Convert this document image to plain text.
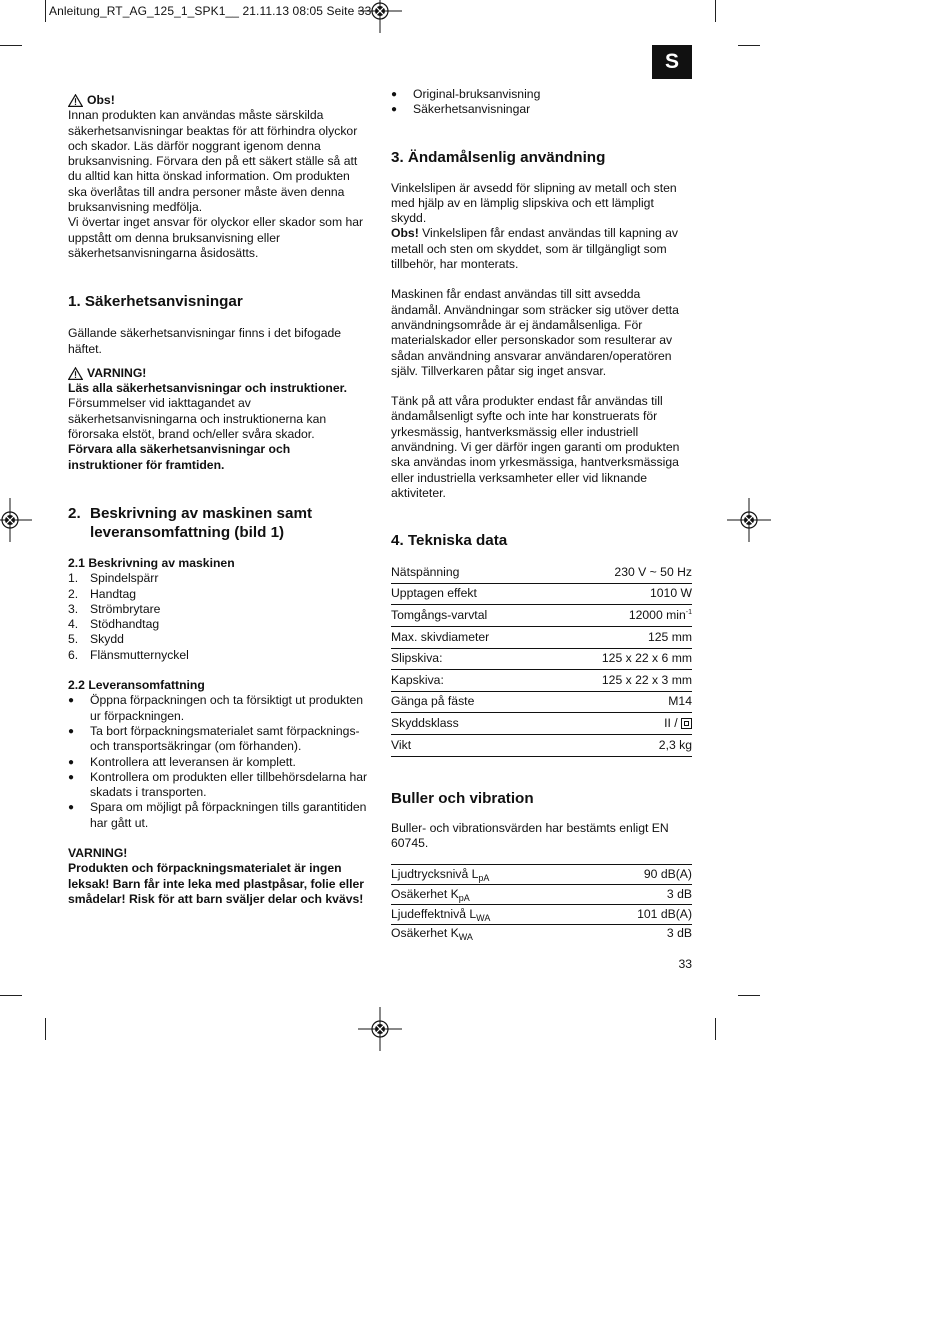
Anleitung_RT_AG_125_1_SPK1__ 21.11.13 08:05 Seite 33
S
Obs!

Innan produkten kan användas måste särskilda säkerhetsanvisningar beaktas för att förhindra olyckor och skador. Läs därför noggrant igenom denna bruksanvisning. Förvara den på ett säkert ställe så att du alltid kan hitta önskad information. Om produkten ska överlåtas till andra personer måste även denna bruksanvisning medfölja.

Vi övertar inget ansvar för olyckor eller skador som har uppstått om denna bruksanvisning eller säkerhetsanvisningarna åsidosätts.

1. Säkerhetsanvisningar

Gällande säkerhetsanvisningar finns i det bifogade häftet.

VARNING!

Läs alla säkerhetsanvisningar och instruktioner.

Försummelser vid iakttagandet av säkerhetsanvisningarna och instruktionerna kan förorsaka elstöt, brand och/eller svåra skador.

Förvara alla säkerhetsanvisningar och instruktioner för framtiden.

2. Beskrivning av maskinen samt leveransomfattning (bild 1)

2.1 Beskrivning av maskinen

1. Spindelspärr
2. Handtag
3. Strömbrytare
4. Stödhandtag
5. Skydd
6. Flänsmutternyckel

2.2 Leveransomfattning

●	Öppna förpackningen och ta försiktigt ut produkten ur förpackningen.
●	Ta bort förpackningsmaterialet samt förpacknings- och transportsäkringar (om förhanden).
●	Kontrollera att leveransen är komplett.
●	Kontrollera om produkten eller tillbehörsdelarna har skadats i transporten.
●	Spara om möjligt på förpackningen tills garantitiden har gått ut.

VARNING!

Produkten och förpackningsmaterialet är ingen leksak! Barn får inte leka med plastpåsar, folie eller smådelar! Risk för att barn sväljer delar och kvävs!

●	Original-bruksanvisning
●	Säkerhetsanvisningar
3. Ändamålsenlig användning

Vinkelslipen är avsedd för slipning av metall och sten med hjälp av en lämplig slipskiva och ett lämpligt skydd.

Obs! Vinkelslipen får endast användas till kapning av metall och sten om skyddet, som är tillgängligt som tillbehör, har monterats.

Maskinen får endast användas till sitt avsedda ändamål. Användningar som sträcker sig utöver detta användningsområde är ej ändamålsenliga. För materialskador eller personskador som resulterar av sådan användning ansvarar användaren/operatören själv. Tillverkaren påtar sig inget ansvar.

Tänk på att våra produkter endast får användas till ändamålsenligt syfte och inte har konstruerats för yrkesmässig, hantverksmässig eller industriell användning. Vi ger därför ingen garanti om produkten ska användas inom yrkesmässiga, hantverksmässiga eller industriella verksamheter eller vid liknande aktiviteter.

4. Tekniska data
Nätspänning	230 V ~ 50 Hz
Upptagen effekt	1010 W
Tomgångs-varvtal	12000 $\min^{-1}$
Max. skivdiameter	125 mm
Slipskiva:	125 x 22 x 6 mm
Kapskiva:	125 x 22 x 3 mm
Gänga på fäste	M14
Skyddsklass	II /
Vikt	2,3 kg
Buller och vibration

Buller- och vibrationsvärden har bestämts enligt EN 60745.

Ljudtrycksnivå $L_{pA}$	90 dB(A)
Osäkerhet $K_{pA}$	3 dB
Ljudeffektnivå $L_{WA}$	101 dB(A)
Osäkerhet $K_{WA}$	3 dB
33
